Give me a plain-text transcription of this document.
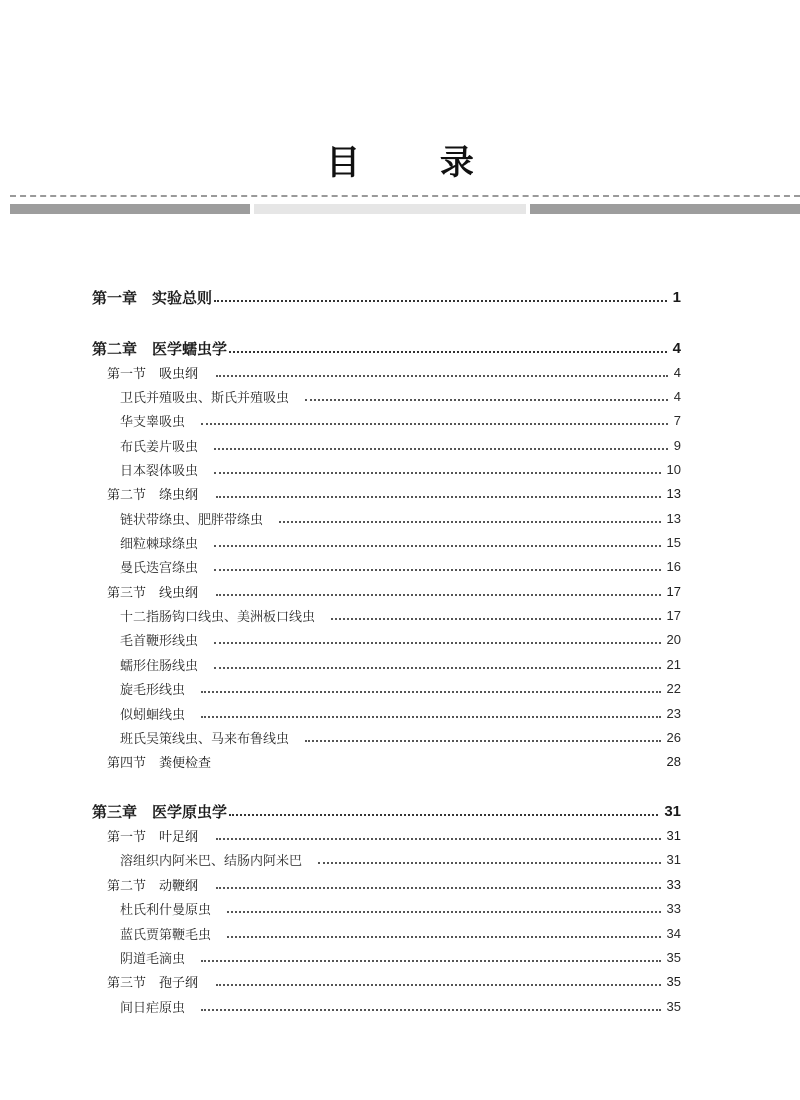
目 录
第一章　实验总则	1
第二章　医学蠕虫学	4
第一节　吸虫纲	4
卫氏并殖吸虫、斯氏并殖吸虫	4
华支睾吸虫	7
布氏姜片吸虫	9
日本裂体吸虫	10
第二节　绦虫纲	13
链状带绦虫、肥胖带绦虫	13
细粒棘球绦虫	15
曼氏迭宫绦虫	16
第三节　线虫纲	17
十二指肠钩口线虫、美洲板口线虫	17
毛首鞭形线虫	20
蠕形住肠线虫	21
旋毛形线虫	22
似蚓蛔线虫	23
班氏吴策线虫、马来布鲁线虫	26
第四节　粪便检查	28
第三章　医学原虫学	31
第一节　叶足纲	31
溶组织内阿米巴、结肠内阿米巴	31
第二节　动鞭纲	33
杜氏利什曼原虫	33
蓝氏贾第鞭毛虫	34
阴道毛滴虫	35
第三节　孢子纲	35
间日疟原虫	35
